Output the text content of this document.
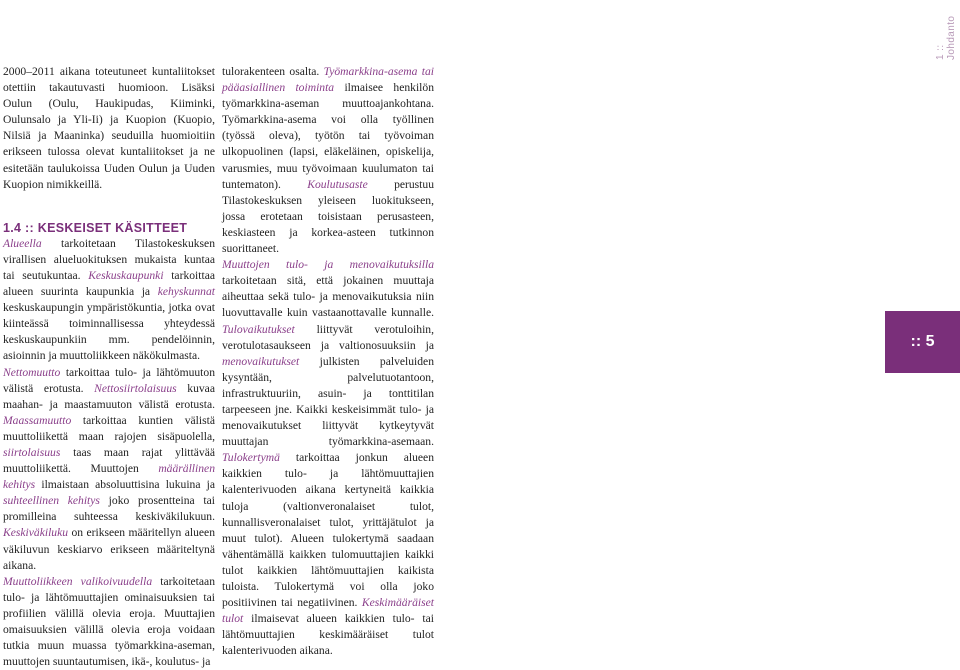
1 :: Johdanto

2000–2011 aikana toteutuneet kuntaliitokset otettiin takautuvasti huomioon. Lisäksi Oulun (Oulu, Haukipudas, Kiiminki, Oulunsalo ja Yli-Ii) ja Kuopion (Kuopio, Nilsiä ja Maaninka) seuduilla huomioitiin erikseen tulossa olevat kuntaliitokset ja ne esitetään taulukoissa Uuden Oulun ja Uuden Kuopion nimikkeillä.

1.4 :: KESKEISET KÄSITTEET

Alueella tarkoitetaan Tilastokeskuksen virallisen alueluokituksen mukaista kuntaa tai seutukuntaa. Keskuskaupunki tarkoittaa alueen suurinta kaupunkia ja kehyskunnat keskuskaupungin ympäristökuntia, jotka ovat kiinteässä toiminnallisessa yhteydessä keskuskaupunkiin mm. pendelöinnin, asioinnin ja muuttoliikkeen näkökulmasta.

Nettomuutto tarkoittaa tulo- ja lähtömuuton välistä erotusta. Nettosiirtolaisuus kuvaa maahan- ja maastamuuton välistä erotusta. Maassamuutto tarkoittaa kuntien välistä muuttoliikettä maan rajojen sisäpuolella, siirtolaisuus taas maan rajat ylittävää muuttoliikettä. Muuttojen määrällinen kehitys ilmaistaan absoluuttisina lukuina ja suhteellinen kehitys joko prosentteina tai promilleina suhteessa keskiväkilukuun. Keskiväkiluku on erikseen määritellyn alueen väkiluvun keskiarvo erikseen määriteltynä aikana.

Muuttoliikkeen valikoivuudella tarkoitetaan tulo- ja lähtömuuttajien ominaisuuksien tai profiilien välillä olevia eroja. Muuttajien omaisuuksien välillä olevia eroja voidaan tutkia muun muassa työmarkkina-aseman, muuttojen suuntautumisen, ikä-, koulutus- ja

tulorakenteen osalta. Työmarkkina-asema tai pääasiallinen toiminta ilmaisee henkilön työmarkkina-aseman muuttoajankohtana. Työmarkkina-asema voi olla työllinen (työssä oleva), työtön tai työvoiman ulkopuolinen (lapsi, eläkeläinen, opiskelija, varusmies, muu työvoimaan kuulumaton tai tuntematon). Koulutusaste perustuu Tilastokeskuksen yleiseen luokitukseen, jossa erotetaan toisistaan perusasteen, keskiasteen ja korkea-asteen tutkinnon suorittaneet.

Muuttojen tulo- ja menovaikutuksilla tarkoitetaan sitä, että jokainen muuttaja aiheuttaa sekä tulo- ja menovaikutuksia niin luovuttavalle kuin vastaanottavalle kunnalle. Tulovaikutukset liittyvät verotuloihin, verotulotasaukseen ja valtionosuuksiin ja menovaikutukset julkisten palveluiden kysyntään, palvelutuotantoon, infrastruktuuriin, asuin- ja tonttitilan tarpeeseen jne. Kaikki keskeisimmät tulo- ja menovaikutukset liittyvät kytkeytyvät muuttajan työmarkkina-asemaan. Tulokertymä tarkoittaa jonkun alueen kaikkien tulo- ja lähtömuuttajien kalenterivuoden aikana kertyneitä kaikkia tuloja (valtionveronalaiset tulot, kunnallisveronalaiset tulot, yrittäjätulot ja muut tulot). Alueen tulokertymä saadaan vähentämällä kaikken tulomuuttajien kaikki tulot kaikkien lähtömuuttajien kaikista tuloista. Tulokertymä voi olla joko positiivinen tai negatiivinen. Keskimääräiset tulot ilmaisevat alueen kaikkien tulo- tai lähtömuuttajien keskimääräiset tulot kalenterivuoden aikana.

:: 5
